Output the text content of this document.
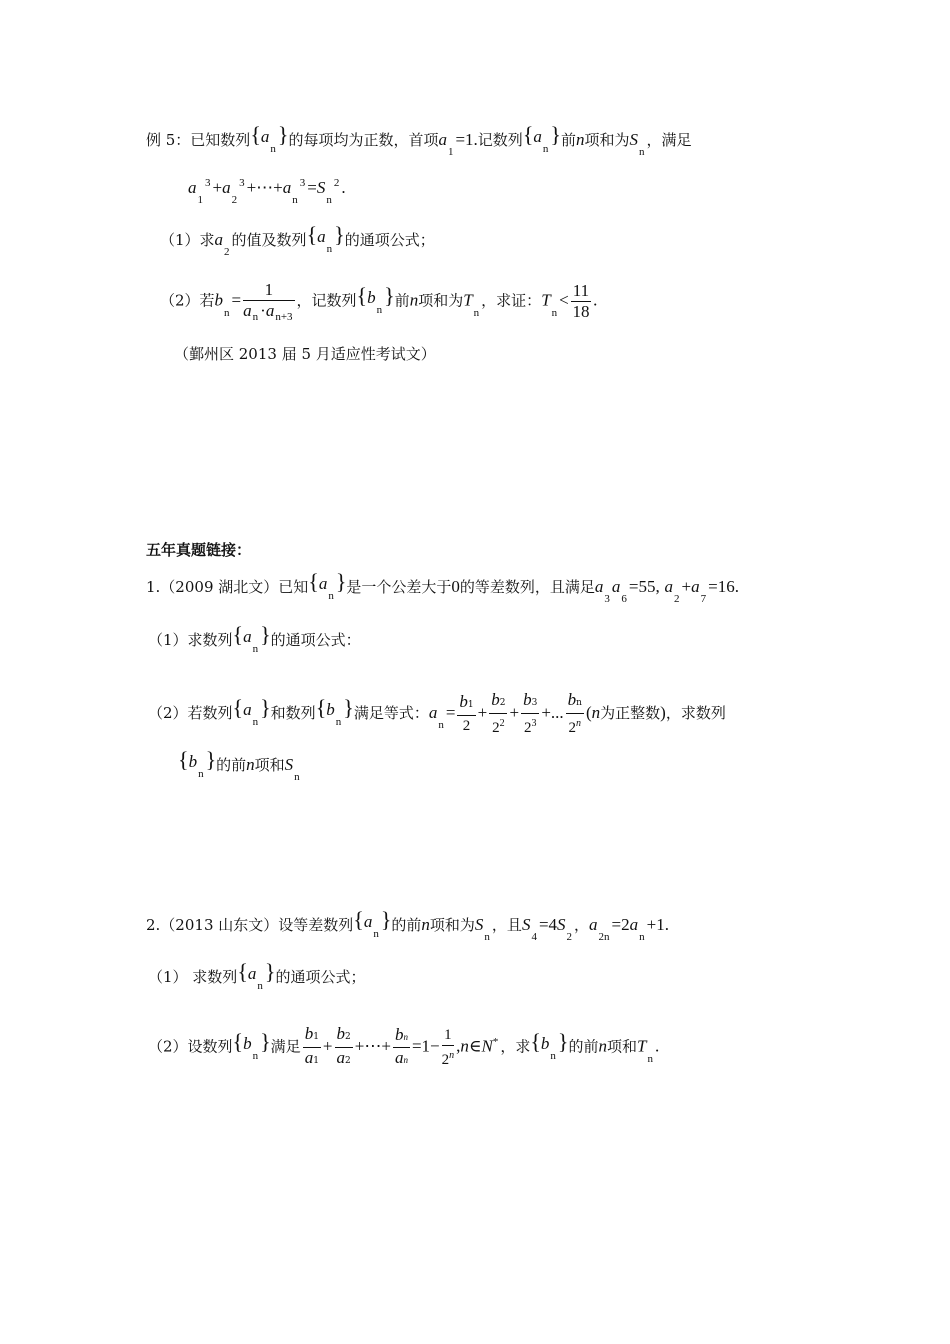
例 5：已知数列$\{a_n\}$的每项均为正数，首项$a_1=1$.记数列$\{a_n\}$前n项和为$S_n$，满足
$a_1^3 +a_2^3$ $+\cdots+a_n^3 =S_n^2$ .
（1）求$a_2$的值及数列$\{a_n\}$的通项公式；
（2）若$b_n= \frac{1}{a_n \cdot a_{n+3}}$ ，记数列$\{b_n\}$前n项和为$T_n$，求证：$T_n< \frac{11}{18}$ .
（鄞州区 2013 届 5 月适应性考试文）
五年真题链接：
1.（2009 湖北文）已知$\{a_n\}$是一个公差大于0的等差数列，且满足$a_3a_6=55$, $a_2+a_7=16$.
（1）求数列$\{a_n\}$的通项公式：
（2）若数列$\{a_n\}$和数列$\{b_n\}$满足等式：$a_n= \frac{b1}{2} + \frac{b2}{2^2} + \frac{b3}{2^3}$ +... $\frac{bn}{2^n} (n$为正整数)，求数列
$\{b_n\}$的前n项和$S_n$
2.（2013 山东文）设等差数列$\{a_n\}$的前n项和为$S_n$，且$S_4=4S_2$，$a_{2n}=2a_n+1$.
（1） 求数列$\{a_n\}$的通项公式；
（2）设数列$\{b_n\}$满足 $\frac{b1}{a1} + \frac{b2}{a2}$ +⋯+ $\frac{bn}{an} =1- \frac{1}{2^n}$ ,n∈N* ，求$\{b_n\}$的前n项和$T_n$.
